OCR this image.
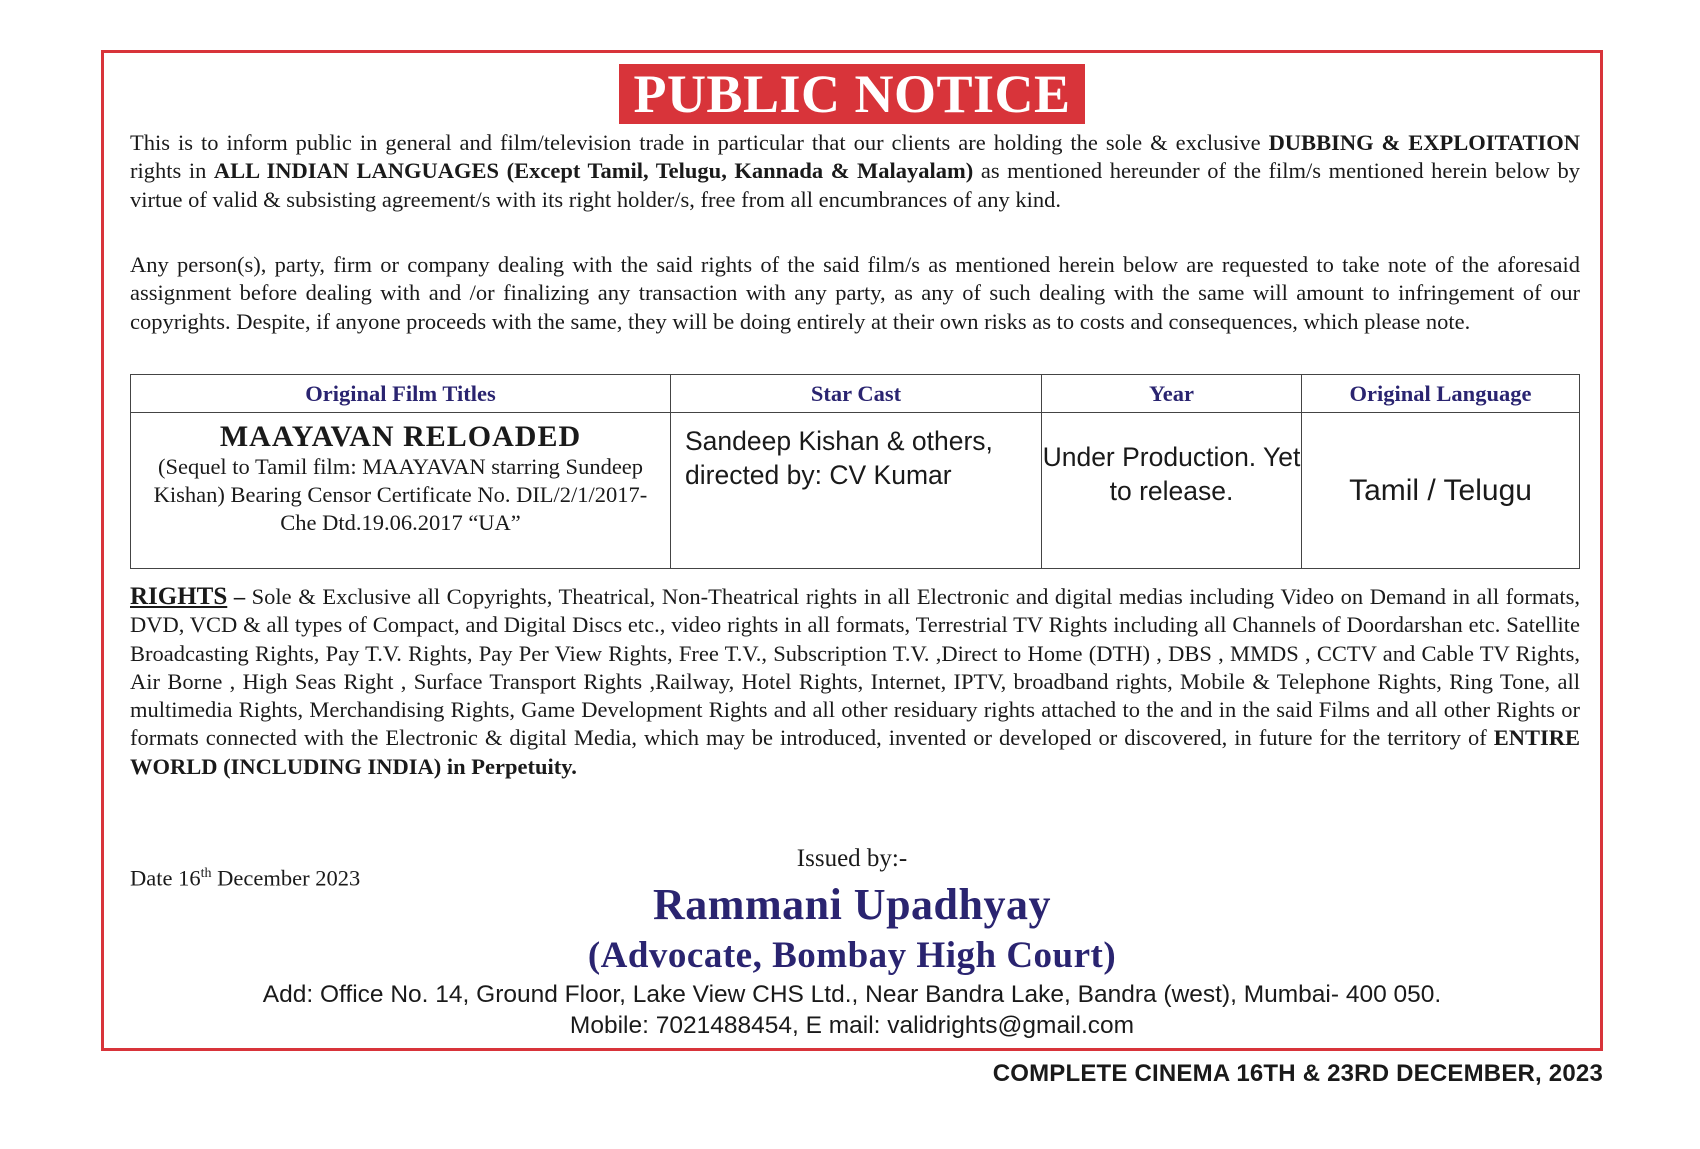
PUBLIC NOTICE

This is to inform public in general and film/television trade in particular that our clients are holding the sole & exclusive DUBBING & EXPLOITATION rights in ALL INDIAN LANGUAGES (Except Tamil, Telugu, Kannada & Malayalam) as mentioned hereunder of the film/s mentioned herein below by virtue of valid & subsisting agreement/s with its right holder/s, free from all encumbrances of any kind.

Any person(s), party, firm or company dealing with the said rights of the said film/s as mentioned herein below are requested to take note of the aforesaid assignment before dealing with and /or finalizing any transaction with any party, as any of such dealing with the same will amount to infringement of our copyrights. Despite, if anyone proceeds with the same, they will be doing entirely at their own risks as to costs and consequences, which please note.

Original Film Titles	Star Cast	Year	Original Language

MAAYAVAN RELOADED
(Sequel to Tamil film: MAAYAVAN starring Sundeep Kishan) Bearing Censor Certificate No. DIL/2/1/2017-Che Dtd.19.06.2017 “UA”	Sandeep Kishan & others, directed by: CV Kumar	Under Production. Yet to release.	Tamil / Telugu

RIGHTS – Sole & Exclusive all Copyrights, Theatrical, Non-Theatrical rights in all Electronic and digital medias including Video on Demand in all formats, DVD, VCD & all types of Compact, and Digital Discs etc., video rights in all formats, Terrestrial TV Rights including all Channels of Doordarshan etc. Satellite Broadcasting Rights, Pay T.V. Rights, Pay Per View Rights, Free T.V., Subscription T.V. ,Direct to Home (DTH) , DBS , MMDS , CCTV and Cable TV Rights, Air Borne , High Seas Right , Surface Transport Rights ,Railway, Hotel Rights, Internet, IPTV, broadband rights, Mobile & Telephone Rights, Ring Tone, all multimedia Rights, Merchandising Rights, Game Development Rights and all other residuary rights attached to the and in the said Films and all other Rights or formats connected with the Electronic & digital Media, which may be introduced, invented or developed or discovered, in future for the territory of ENTIRE WORLD (INCLUDING INDIA) in Perpetuity.

Date 16th December 2023
Issued by:-
Rammani Upadhyay
(Advocate, Bombay High Court)
Add: Office No. 14, Ground Floor, Lake View CHS Ltd., Near Bandra Lake, Bandra (west), Mumbai- 400 050.
Mobile: 7021488454, E mail: validrights@gmail.com
COMPLETE CINEMA 16TH & 23RD DECEMBER, 2023
